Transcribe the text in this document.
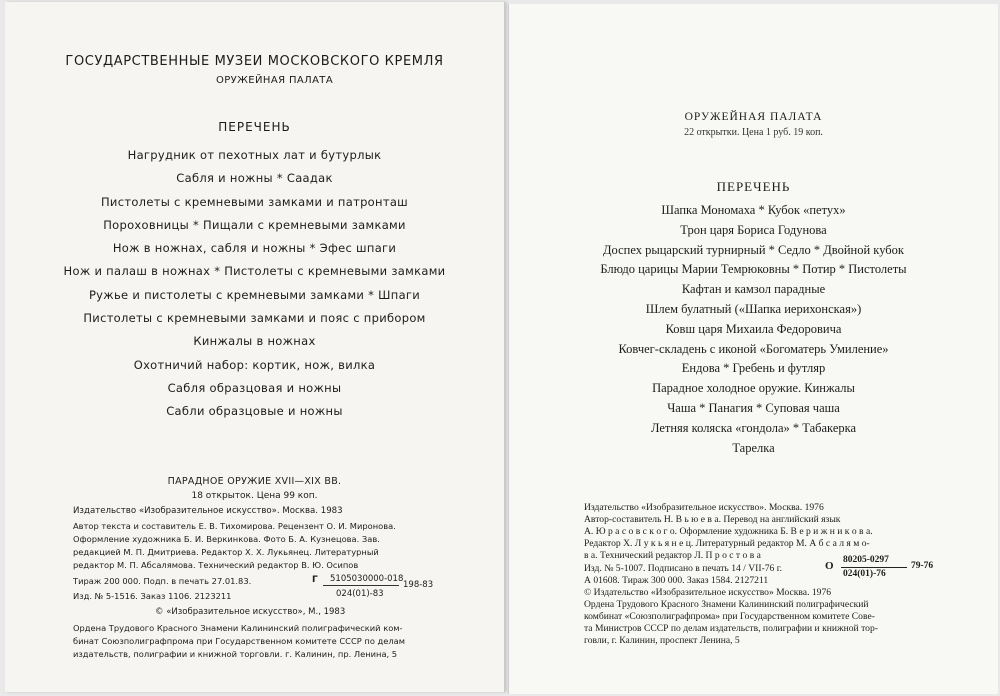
ГОСУДАРСТВЕННЫЕ МУЗЕИ МОСКОВСКОГО КРЕМЛЯ
ОРУЖЕЙНАЯ ПАЛАТА
ПЕРЕЧЕНЬ
Нагрудник от пехотных лат и бутурлык
Сабля и ножны * Саадак
Пистолеты с кремневыми замками и патронташ
Пороховницы * Пищали с кремневыми замками
Нож в ножнах, сабля и ножны * Эфес шпаги
Нож и палаш в ножнах * Пистолеты с кремневыми замками
Ружье и пистолеты с кремневыми замками * Шпаги
Пистолеты с кремневыми замками и пояс с прибором
Кинжалы в ножнах
Охотничий набор: кортик, нож, вилка
Сабля образцовая и ножны
Сабли образцовые и ножны
ПАРАДНОЕ ОРУЖИЕ XVII—XIX ВВ.
18 открыток. Цена 99 коп.
Издательство «Изобразительное искусство». Москва. 1983
Автор текста и составитель Е. В. Тихомирова. Рецензент О. И. Миронова.
Оформление художника Б. И. Веркинкова. Фото Б. А. Кузнецова. Зав.
редакцией М. П. Дмитриева. Редактор Х. Х. Лукьянец. Литературный
редактор М. П. Абсалямова. Технический редактор В. Ю. Осипов
Тираж 200 000. Подп. в печать 27.01.83.
Изд. № 5-1516. Заказ 1106. 2123211
Г 5105030000-018
024(01)-83
198-83
© «Изобразительное искусство», М., 1983
Ордена Трудового Красного Знамени Калининский полиграфический ком-
бинат Союзполиграфпрома при Государственном комитете СССР по делам
издательств, полиграфии и книжной торговли. г. Калинин, пр. Ленина, 5
ОРУЖЕЙНАЯ ПАЛАТА
22 открытки. Цена 1 руб. 19 коп.
ПЕРЕЧЕНЬ
Шапка Мономаха * Кубок «петух»
Трон царя Бориса Годунова
Доспех рыцарский турнирный * Седло * Двойной кубок
Блюдо царицы Марии Темрюковны * Потир * Пистолеты
Кафтан и камзол парадные
Шлем булатный («Шапка иерихонская»)
Ковш царя Михаила Федоровича
Ковчег-складень с иконой «Богоматерь Умиление»
Ендова * Гребень и футляр
Парадное холодное оружие. Кинжалы
Чаша * Панагия * Суповая чаша
Летняя коляска «гондола» * Табакерка
Тарелка
Издательство «Изобразительное искусство». Москва. 1976
Автор-составитель Н. В ь ю е в а. Перевод на английский язык
А. Ю р а с о в с к о г о. Оформление художника Б. В е р и ж н и к о в а.
Редактор Х. Л у к ь я н е ц. Литературный редактор М. А б с а л я м о-
в а. Технический редактор Л. П р о с т о в а
Изд. № 5-1007. Подписано в печать 14 / VII-76 г.
А 01608. Тираж 300 000. Заказ 1584. 2127211
© Издательство «Изобразительное искусство» Москва. 1976
Ордена Трудового Красного Знамени Калининский полиграфический
комбинат «Союзполиграфпрома» при Государственном комитете Сове-
та Министров СССР по делам издательств, полиграфии и книжной тор-
говли, г. Калинин, проспект Ленина, 5
О 80205-0297
024(01)-76
79-76
